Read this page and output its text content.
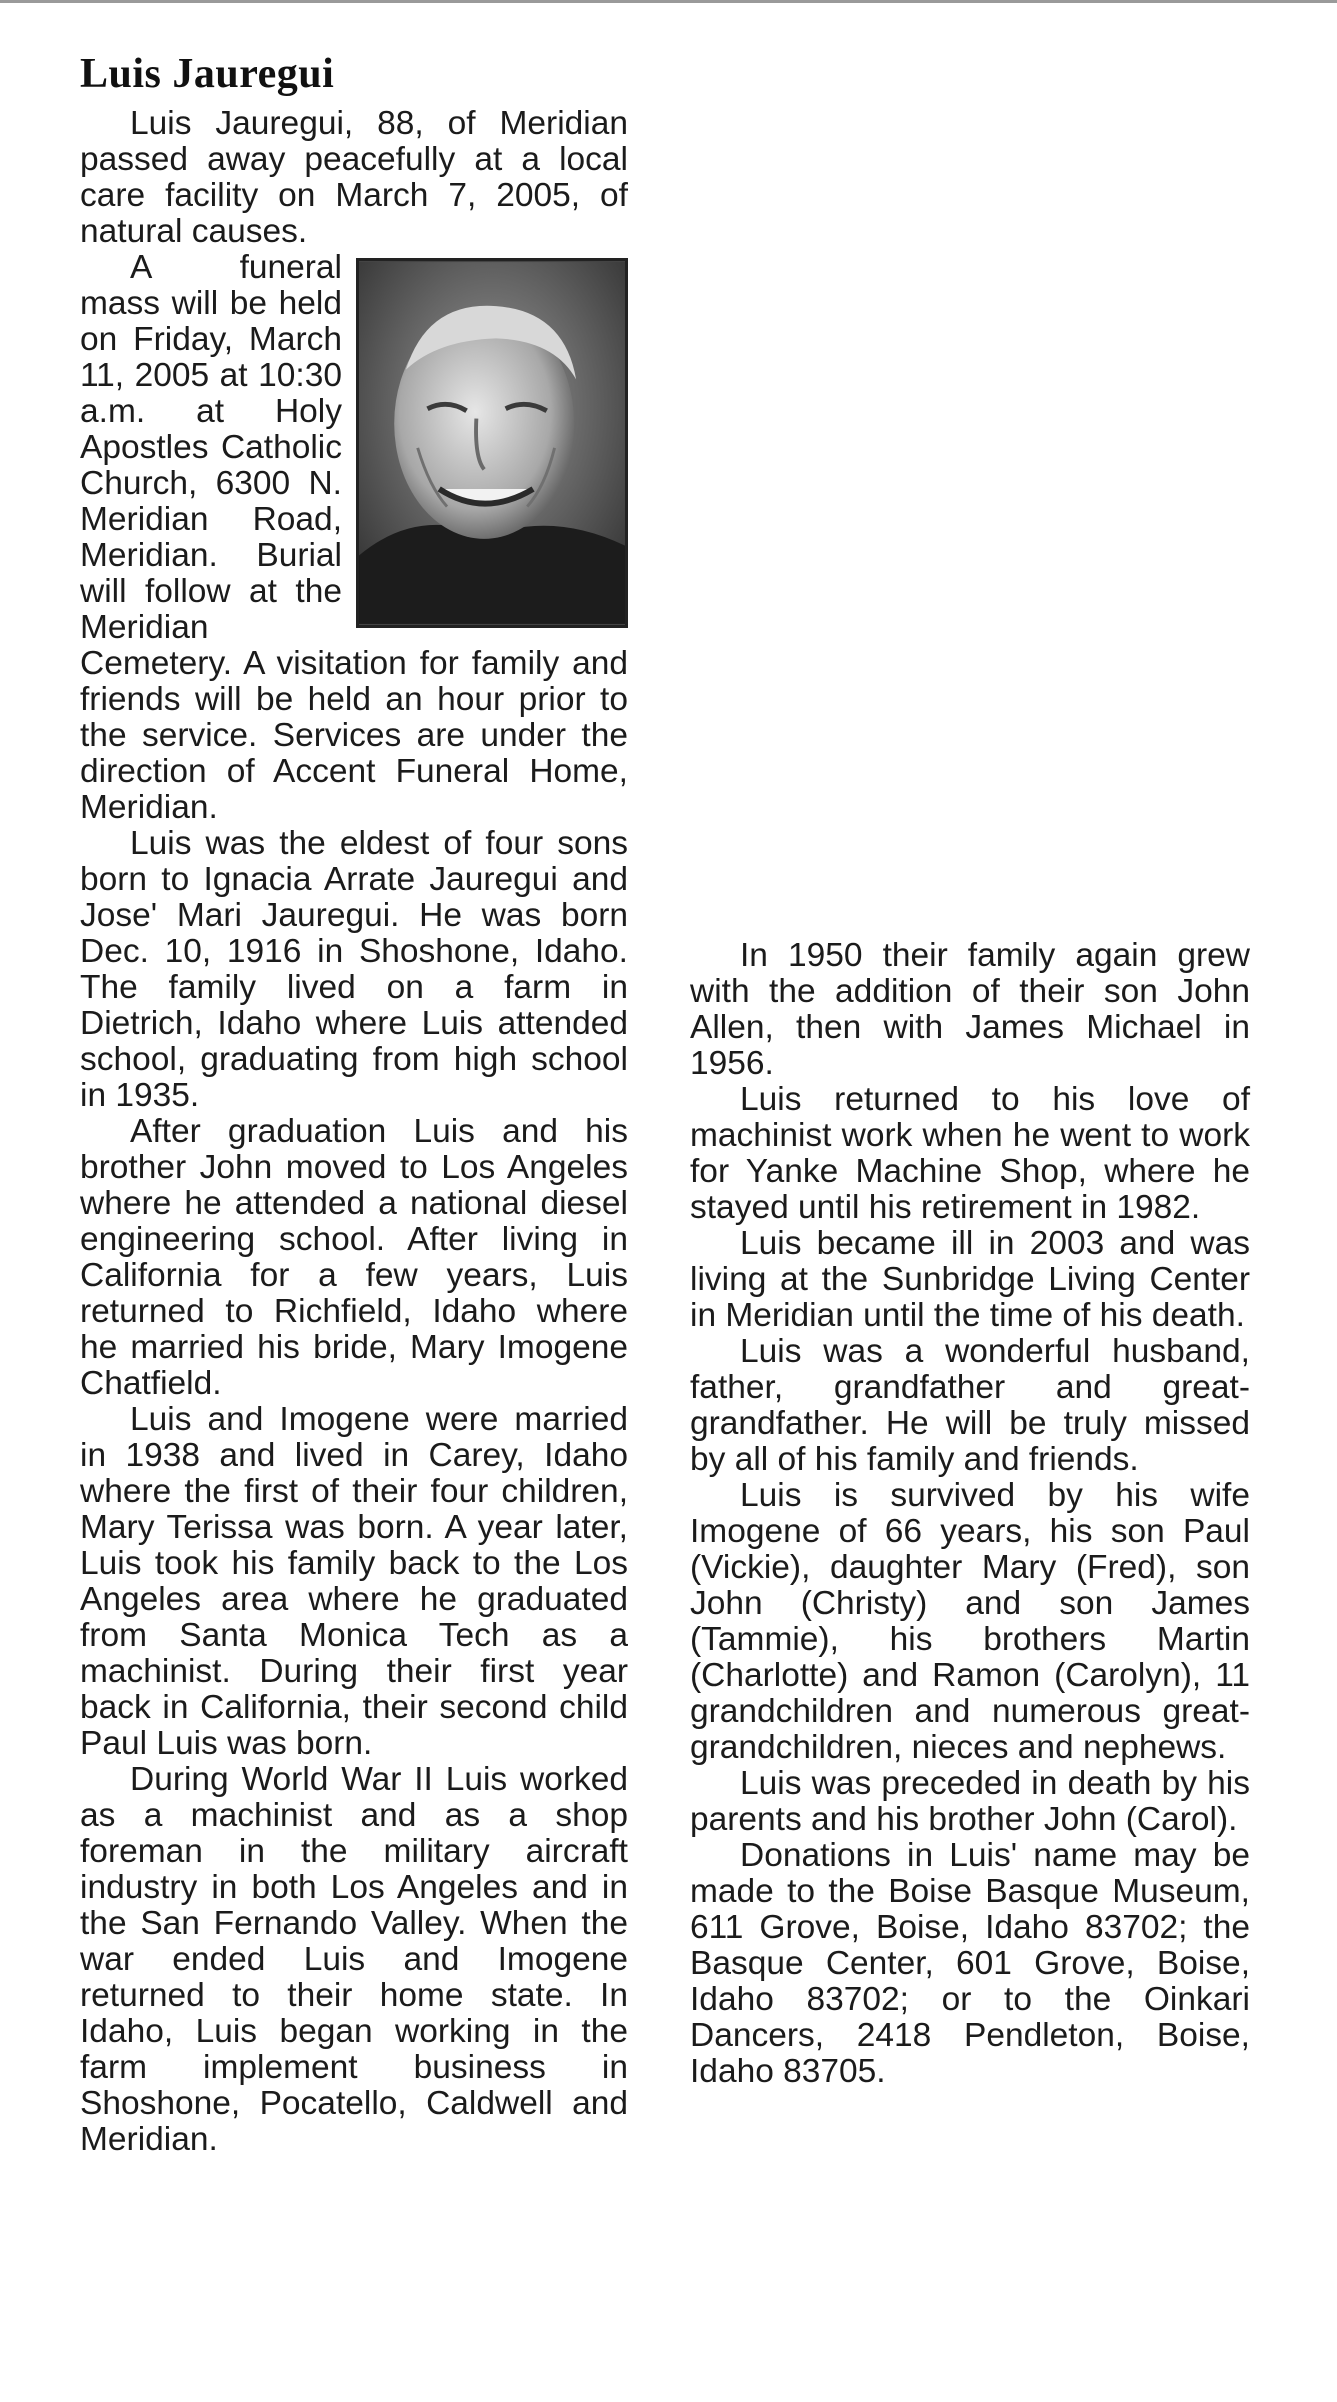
Luis Jauregui

Luis Jauregui, 88, of Meridian passed away peacefully at a local care facility on March 7, 2005, of natural causes.

A funeral mass will be held on Friday, March 11, 2005 at 10:30 a.m. at Holy Apostles Catholic Church, 6300 N. Meridian Road, Meridian. Burial will follow at the Meridian Cemetery. A visitation for family and friends will be held an hour prior to the service. Services are under the direction of Accent Funeral Home, Meridian.

Luis was the eldest of four sons born to Ignacia Arrate Jauregui and Jose' Mari Jauregui. He was born Dec. 10, 1916 in Shoshone, Idaho. The family lived on a farm in Dietrich, Idaho where Luis attended school, graduating from high school in 1935.

After graduation Luis and his brother John moved to Los Angeles where he attended a national diesel engineering school. After living in California for a few years, Luis returned to Richfield, Idaho where he married his bride, Mary Imogene Chatfield.

Luis and Imogene were married in 1938 and lived in Carey, Idaho where the first of their four children, Mary Terissa was born. A year later, Luis took his family back to the Los Angeles area where he graduated from Santa Monica Tech as a machinist. During their first year back in California, their second child Paul Luis was born.

During World War II Luis worked as a machinist and as a shop foreman in the military aircraft industry in both Los Angeles and in the San Fernando Valley. When the war ended Luis and Imogene returned to their home state. In Idaho, Luis began working in the farm implement business in Shoshone, Pocatello, Caldwell and Meridian.

In 1950 their family again grew with the addition of their son John Allen, then with James Michael in 1956.

Luis returned to his love of machinist work when he went to work for Yanke Machine Shop, where he stayed until his retirement in 1982.

Luis became ill in 2003 and was living at the Sunbridge Living Center in Meridian until the time of his death.

Luis was a wonderful husband, father, grandfather and great-grandfather. He will be truly missed by all of his family and friends.

Luis is survived by his wife Imogene of 66 years, his son Paul (Vickie), daughter Mary (Fred), son John (Christy) and son James (Tammie), his brothers Martin (Charlotte) and Ramon (Carolyn), 11 grandchildren and numerous great-grandchildren, nieces and nephews.

Luis was preceded in death by his parents and his brother John (Carol).

Donations in Luis' name may be made to the Boise Basque Museum, 611 Grove, Boise, Idaho 83702; the Basque Center, 601 Grove, Boise, Idaho 83702; or to the Oinkari Dancers, 2418 Pendleton, Boise, Idaho 83705.
